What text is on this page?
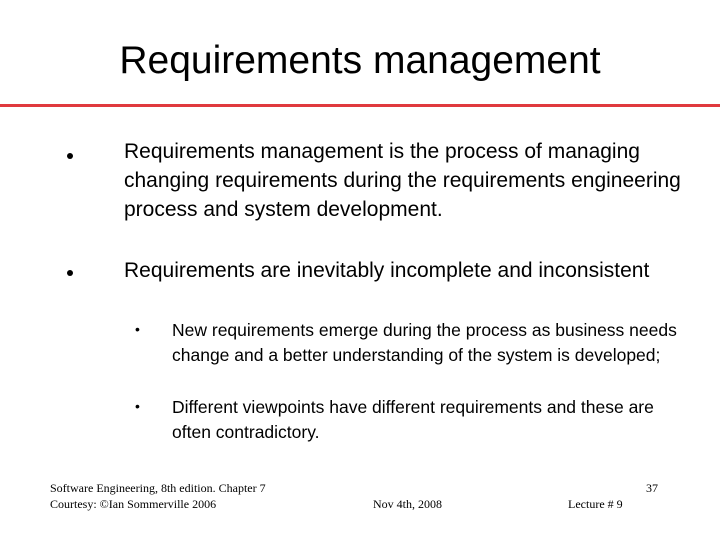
Requirements management
Requirements management is the process of managing changing requirements during the requirements engineering process and system development.
Requirements are inevitably incomplete and inconsistent
• New requirements emerge during the process as business needs change and a better understanding of the system is developed;
• Different viewpoints have different requirements and these are often contradictory.
Software Engineering, 8th edition. Chapter 7
Courtesy: ©Ian Sommerville 2006	Nov 4th, 2008
37
Lecture # 9
